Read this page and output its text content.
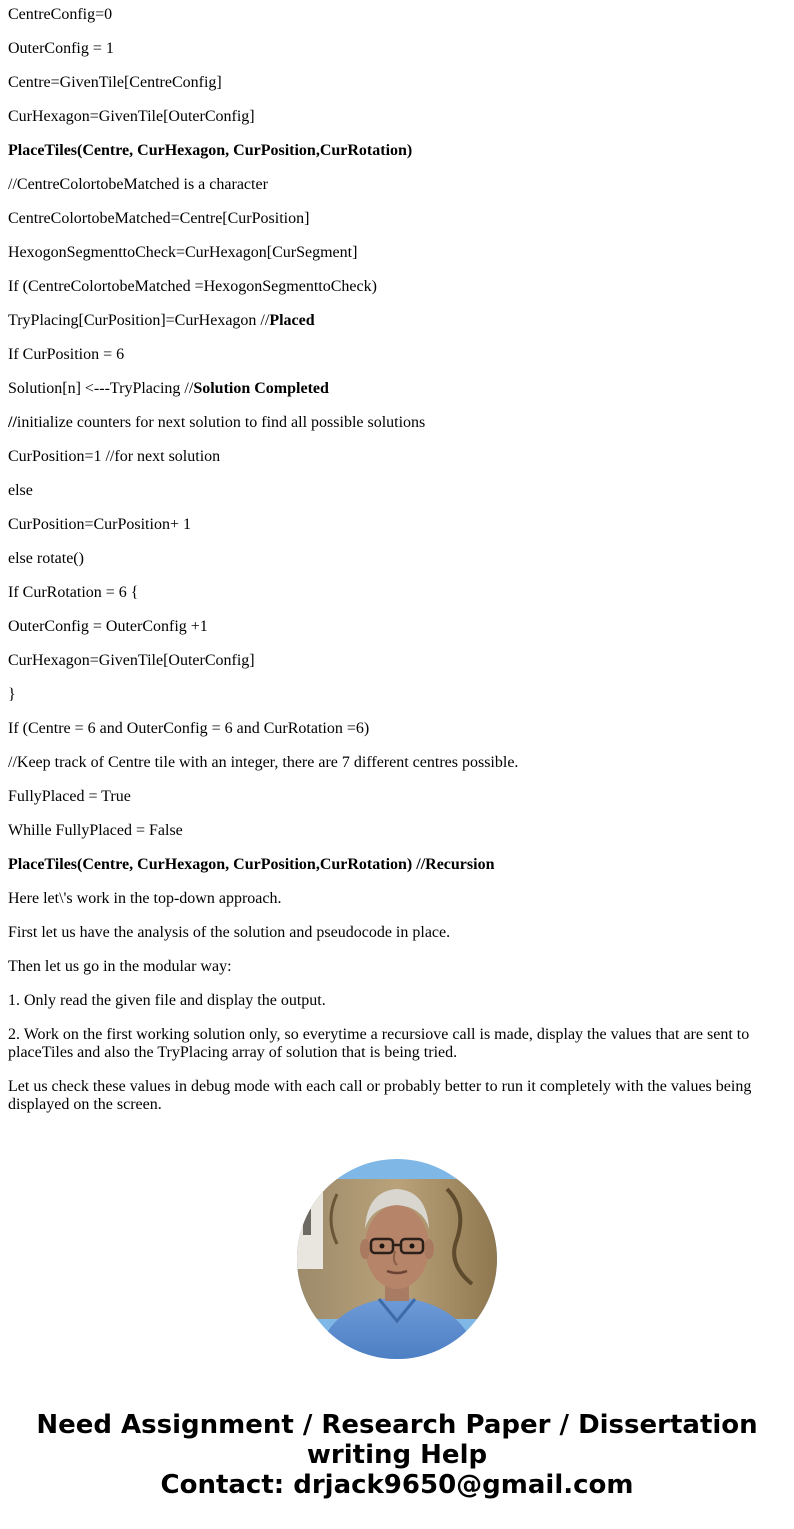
CentreConfig=0

OuterConfig = 1

Centre=GivenTile[CentreConfig]

CurHexagon=GivenTile[OuterConfig]

PlaceTiles(Centre, CurHexagon, CurPosition,CurRotation)

//CentreColortobeMatched is a character

CentreColortobeMatched=Centre[CurPosition]

HexogonSegmenttoCheck=CurHexagon[CurSegment]

If (CentreColortobeMatched =HexogonSegmenttoCheck)

TryPlacing[CurPosition]=CurHexagon //Placed

If CurPosition = 6

Solution[n] <---TryPlacing //Solution Completed

//initialize counters for next solution to find all possible solutions

CurPosition=1 //for next solution

else

CurPosition=CurPosition+ 1

else rotate()

If CurRotation = 6 {

OuterConfig = OuterConfig +1

CurHexagon=GivenTile[OuterConfig]

}

If (Centre = 6 and OuterConfig = 6 and CurRotation =6)

//Keep track of Centre tile with an integer, there are 7 different centres possible.

FullyPlaced = True

Whille FullyPlaced = False

PlaceTiles(Centre, CurHexagon, CurPosition,CurRotation) //Recursion

Here let\'s work in the top-down approach.

First let us have the analysis of the solution and pseudocode in place.

Then let us go in the modular way:

1. Only read the given file and display the output.

2. Work on the first working solution only, so everytime a recursiove call is made, display the values that are sent to placeTiles and also the TryPlacing array of solution that is being tried.

Let us check these values in debug mode with each call or probably better to run it completely with the values being displayed on the screen.

Need Assignment / Research Paper / Dissertation
writing Help
Contact: drjack9650@gmail.com
